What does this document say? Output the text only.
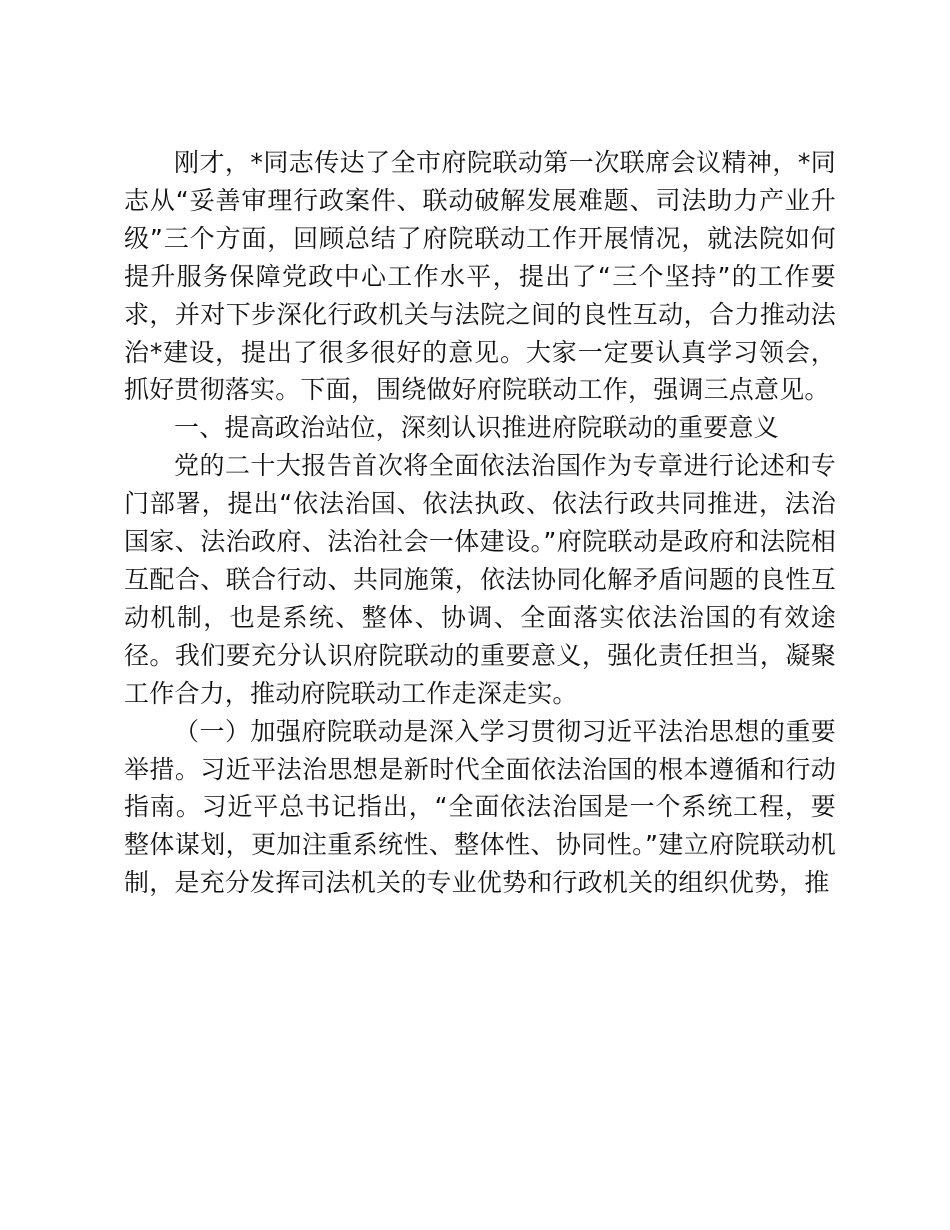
刚才，*同志传达了全市府院联动第一次联席会议精神，*同志从“妥善审理行政案件、联动破解发展难题、司法助力产业升级”三个方面，回顾总结了府院联动工作开展情况，就法院如何提升服务保障党政中心工作水平，提出了“三个坚持”的工作要求，并对下步深化行政机关与法院之间的良性互动，合力推动法治*建设，提出了很多很好的意见。大家一定要认真学习领会，抓好贯彻落实。下面，围绕做好府院联动工作，强调三点意见。

一、提高政治站位，深刻认识推进府院联动的重要意义

党的二十大报告首次将全面依法治国作为专章进行论述和专门部署，提出“依法治国、依法执政、依法行政共同推进，法治国家、法治政府、法治社会一体建设。”府院联动是政府和法院相互配合、联合行动、共同施策，依法协同化解矛盾问题的良性互动机制，也是系统、整体、协调、全面落实依法治国的有效途径。我们要充分认识府院联动的重要意义，强化责任担当，凝聚工作合力，推动府院联动工作走深走实。

（一）加强府院联动是深入学习贯彻习近平法治思想的重要举措。习近平法治思想是新时代全面依法治国的根本遵循和行动指南。习近平总书记指出，“全面依法治国是一个系统工程，要整体谋划，更加注重系统性、整体性、协同性。”建立府院联动机制，是充分发挥司法机关的专业优势和行政机关的组织优势，推
